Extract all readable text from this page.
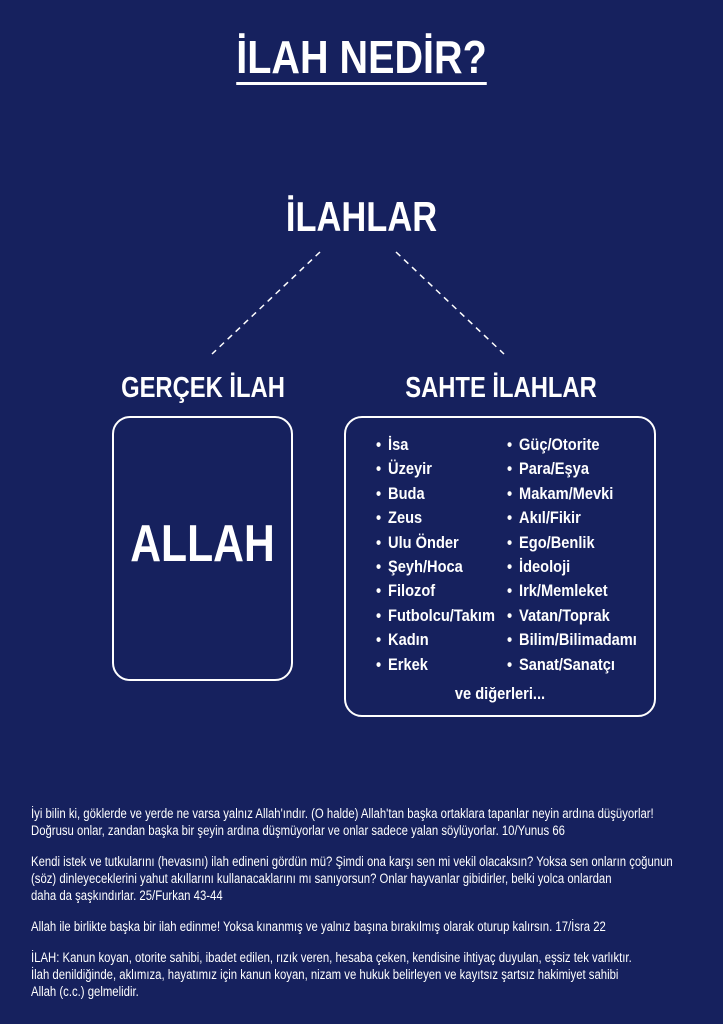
İLAH NEDİR?
İLAHLAR
GERÇEK İLAH	SAHTE İLAHLAR
ALLAH
• İsa
• Üzeyir
• Buda
• Zeus
• Ulu Önder
• Şeyh/Hoca
• Filozof
• Futbolcu/Takım
• Kadın
• Erkek
• Güç/Otorite
• Para/Eşya
• Makam/Mevki
• Akıl/Fikir
• Ego/Benlik
• İdeoloji
• Irk/Memleket
• Vatan/Toprak
• Bilim/Bilimadamı
• Sanat/Sanatçı
ve diğerleri...
İyi bilin ki, göklerde ve yerde ne varsa yalnız Allah'ındır. (O halde) Allah'tan başka ortaklara tapanlar neyin ardına düşüyorlar!
Doğrusu onlar, zandan başka bir şeyin ardına düşmüyorlar ve onlar sadece yalan söylüyorlar. 10/Yunus 66
Kendi istek ve tutkularını (hevasını) ilah edineni gördün mü? Şimdi ona karşı sen mi vekil olacaksın? Yoksa sen onların çoğunun
(söz) dinleyeceklerini yahut akıllarını kullanacaklarını mı sanıyorsun? Onlar hayvanlar gibidirler, belki yolca onlardan
daha da şaşkındırlar. 25/Furkan 43-44
Allah ile birlikte başka bir ilah edinme! Yoksa kınanmış ve yalnız başına bırakılmış olarak oturup kalırsın. 17/İsra 22
İLAH: Kanun koyan, otorite sahibi, ibadet edilen, rızık veren, hesaba çeken, kendisine ihtiyaç duyulan, eşsiz tek varlıktır.
İlah denildiğinde, aklımıza, hayatımız için kanun koyan, nizam ve hukuk belirleyen ve kayıtsız şartsız hakimiyet sahibi
Allah (c.c.) gelmelidir.
